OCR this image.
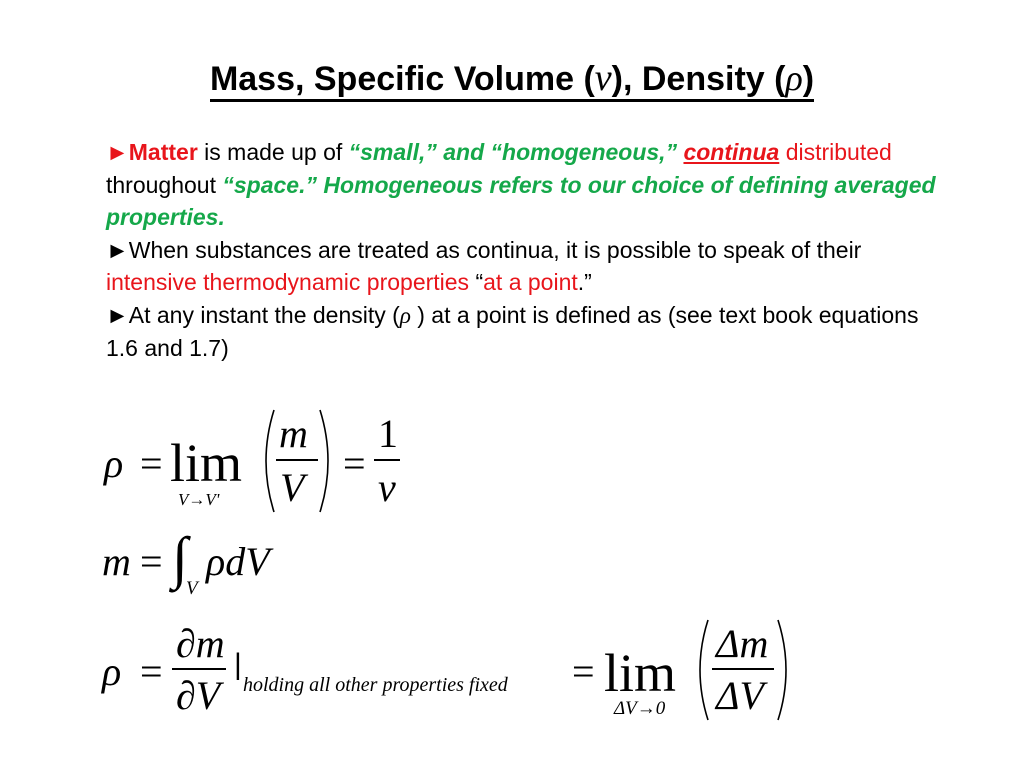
Mass, Specific Volume (v), Density (ρ)
►Matter is made up of “small,” and “homogeneous,” continua distributed throughout “space.” Homogeneous refers to our choice of defining averaged properties.
►When substances are treated as continua, it is possible to speak of their intensive thermodynamic properties “at a point.”
►At any instant the density (ρ ) at a point is defined as (see text book equations 1.6 and 1.7)
ρ = lim
V→V'
m
V
=
1
v
m = ∫
V
ρdV
ρ =
∂m
∂V
|
holding all other properties fixed = lim
ΔV→0
Δm
ΔV
